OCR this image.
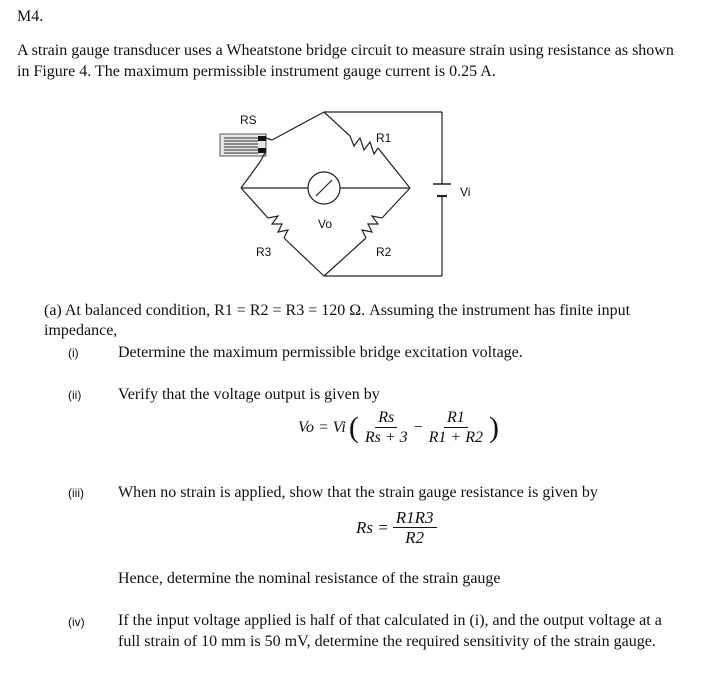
M4.
A strain gauge transducer uses a Wheatstone bridge circuit to measure strain using resistance as shown in Figure 4. The maximum permissible instrument gauge current is 0.25 A.
RS
R1
R2
R3
Vo
Vi
(a) At balanced condition, R1 = R2 = R3 = 120 Ω. Assuming the instrument has finite input impedance,
(i) Determine the maximum permissible bridge excitation voltage.
(ii) Verify that the voltage output is given by
Vo = Vi ( $\frac{Rs}{Rs + 3} - \frac{R1}{R1 + R2}$ )
(iii) When no strain is applied, show that the strain gauge resistance is given by
$Rs = \frac{R1R3}{R2}$
Hence, determine the nominal resistance of the strain gauge
(iv) If the input voltage applied is half of that calculated in (i), and the output voltage at a full strain of 10 mm is 50 mV, determine the required sensitivity of the strain gauge.
